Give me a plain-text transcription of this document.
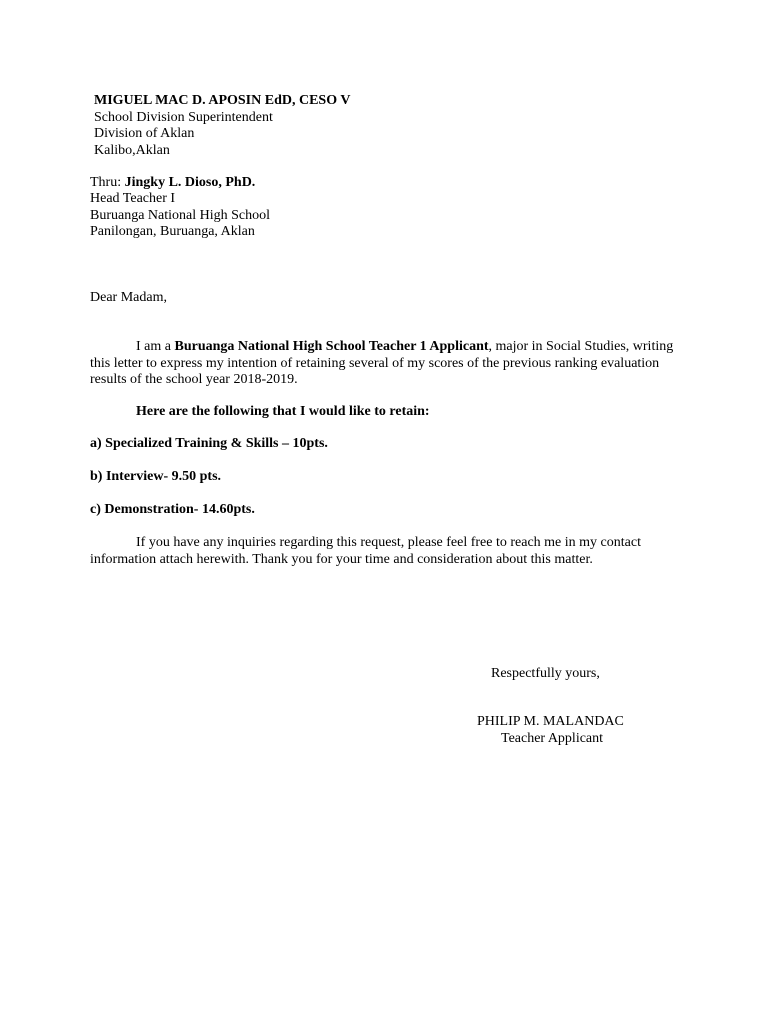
MIGUEL MAC D. APOSIN EdD, CESO V
School Division Superintendent
Division of Aklan
Kalibo,Aklan
Thru: Jingky L. Dioso, PhD.
Head Teacher I
Buruanga National High School
Panilongan, Buruanga, Aklan
Dear Madam,
I am a Buruanga National High School Teacher 1 Applicant, major in Social Studies, writing this letter to express my intention of retaining several of my scores of the previous ranking evaluation results of the school year 2018-2019.
Here are the following that I would like to retain:
a) Specialized Training & Skills – 10pts.
b) Interview- 9.50 pts.
c) Demonstration- 14.60pts.
If you have any inquiries regarding this request, please feel free to reach me in my contact information attach herewith. Thank you for your time and consideration about this matter.
Respectfully yours,
PHILIP M. MALANDAC
Teacher Applicant
